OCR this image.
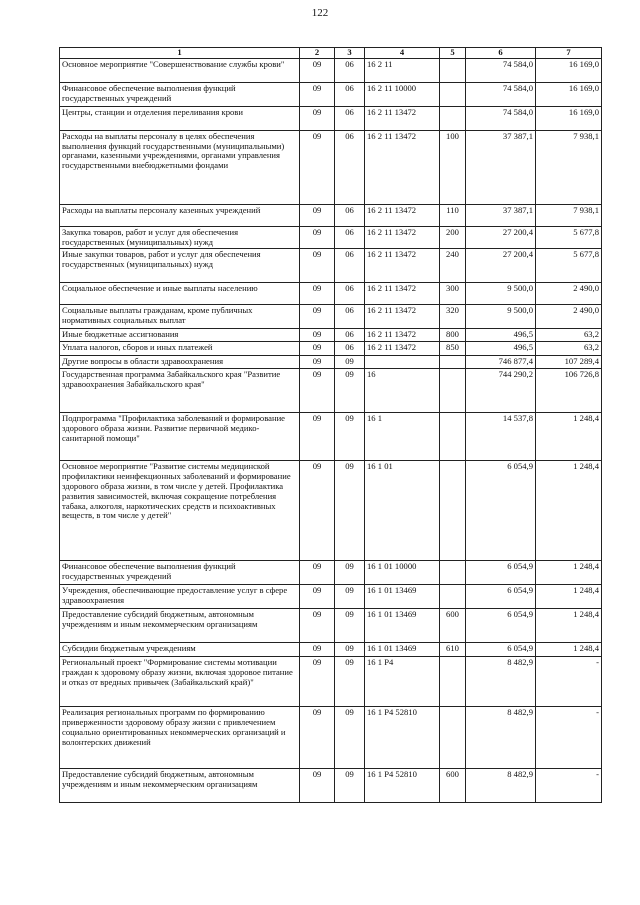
122
1	2	3	4	5	6	7
Основное мероприятие "Совершенствование службы крови"	09	06	16 2 11		74 584,0	16 169,0
Финансовое обеспечение выполнения функций государственных учреждений	09	06	16 2 11 10000		74 584,0	16 169,0
Центры, станции и отделения переливания крови	09	06	16 2 11 13472		74 584,0	16 169,0
Расходы на выплаты персоналу в целях обеспечения выполнения функций государственными (муниципальными) органами, казенными учреждениями, органами управления государственными внебюджетными фондами	09	06	16 2 11 13472	100	37 387,1	7 938,1
Расходы на выплаты персоналу казенных учреждений	09	06	16 2 11 13472	110	37 387,1	7 938,1
Закупка товаров, работ и услуг для обеспечения государственных (муниципальных) нужд	09	06	16 2 11 13472	200	27 200,4	5 677,8
Иные закупки товаров, работ и услуг для обеспечения государственных (муниципальных) нужд	09	06	16 2 11 13472	240	27 200,4	5 677,8
Социальное обеспечение и иные выплаты населению	09	06	16 2 11 13472	300	9 500,0	2 490,0
Социальные выплаты гражданам, кроме публичных нормативных социальных выплат	09	06	16 2 11 13472	320	9 500,0	2 490,0
Иные бюджетные ассигнования	09	06	16 2 11 13472	800	496,5	63,2
Уплата налогов, сборов и иных платежей	09	06	16 2 11 13472	850	496,5	63,2
Другие вопросы в области здравоохранения	09	09			746 877,4	107 289,4
Государственная программа Забайкальского края "Развитие здравоохранения Забайкальского края"	09	09	16		744 290,2	106 726,8
Подпрограмма "Профилактика заболеваний и формирование здорового образа жизни. Развитие первичной медико-санитарной помощи"	09	09	16 1		14 537,8	1 248,4
Основное мероприятие "Развитие системы медицинской профилактики неинфекционных заболеваний и формирование здорового образа жизни, в том числе у детей. Профилактика развития зависимостей, включая сокращение потребления табака, алкоголя, наркотических средств и психоактивных веществ, в том числе у детей"	09	09	16 1 01		6 054,9	1 248,4
Финансовое обеспечение выполнения функций государственных учреждений	09	09	16 1 01 10000		6 054,9	1 248,4
Учреждения, обеспечивающие предоставление услуг в сфере здравоохранения	09	09	16 1 01 13469		6 054,9	1 248,4
Предоставление субсидий бюджетным, автономным учреждениям и иным некоммерческим организациям	09	09	16 1 01 13469	600	6 054,9	1 248,4
Субсидии бюджетным учреждениям	09	09	16 1 01 13469	610	6 054,9	1 248,4
Региональный проект "Формирование системы мотивации граждан к здоровому образу жизни, включая здоровое питание и отказ от вредных привычек (Забайкальский край)"	09	09	16 1 P4		8 482,9	-
Реализация региональных программ по формированию приверженности здоровому образу жизни с привлечением социально ориентированных некоммерческих организаций и волонтерских движений	09	09	16 1 P4 52810		8 482,9	-
Предоставление субсидий бюджетным, автономным учреждениям и иным некоммерческим организациям	09	09	16 1 P4 52810	600	8 482,9	-
